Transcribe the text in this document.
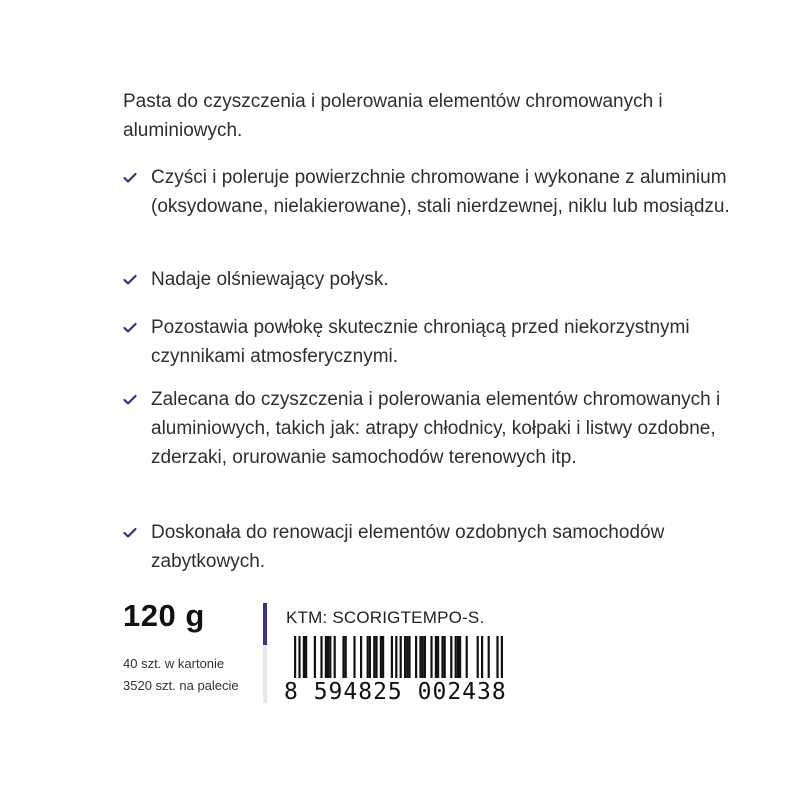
Pasta do czyszczenia i polerowania elementów chromowanych i aluminiowych.
Czyści i poleruje powierzchnie chromowane i wykonane z aluminium (oksydowane, nielakierowane), stali nierdzewnej, niklu lub mosiądzu.
Nadaje olśniewający połysk.
Pozostawia powłokę skutecznie chroniącą przed niekorzystnymi czynnikami atmosferycznymi.
Zalecana do czyszczenia i polerowania elementów chromowanych i aluminiowych, takich jak: atrapy chłodnicy, kołpaki i listwy ozdobne, zderzaki, orurowanie samochodów terenowych itp.
Doskonała do renowacji elementów ozdobnych samochodów zabytkowych.
120 g
40 szt. w kartonie
3520 szt. na palecie
KTM: SCORIGTEMPO-S.
8 594825 002438
